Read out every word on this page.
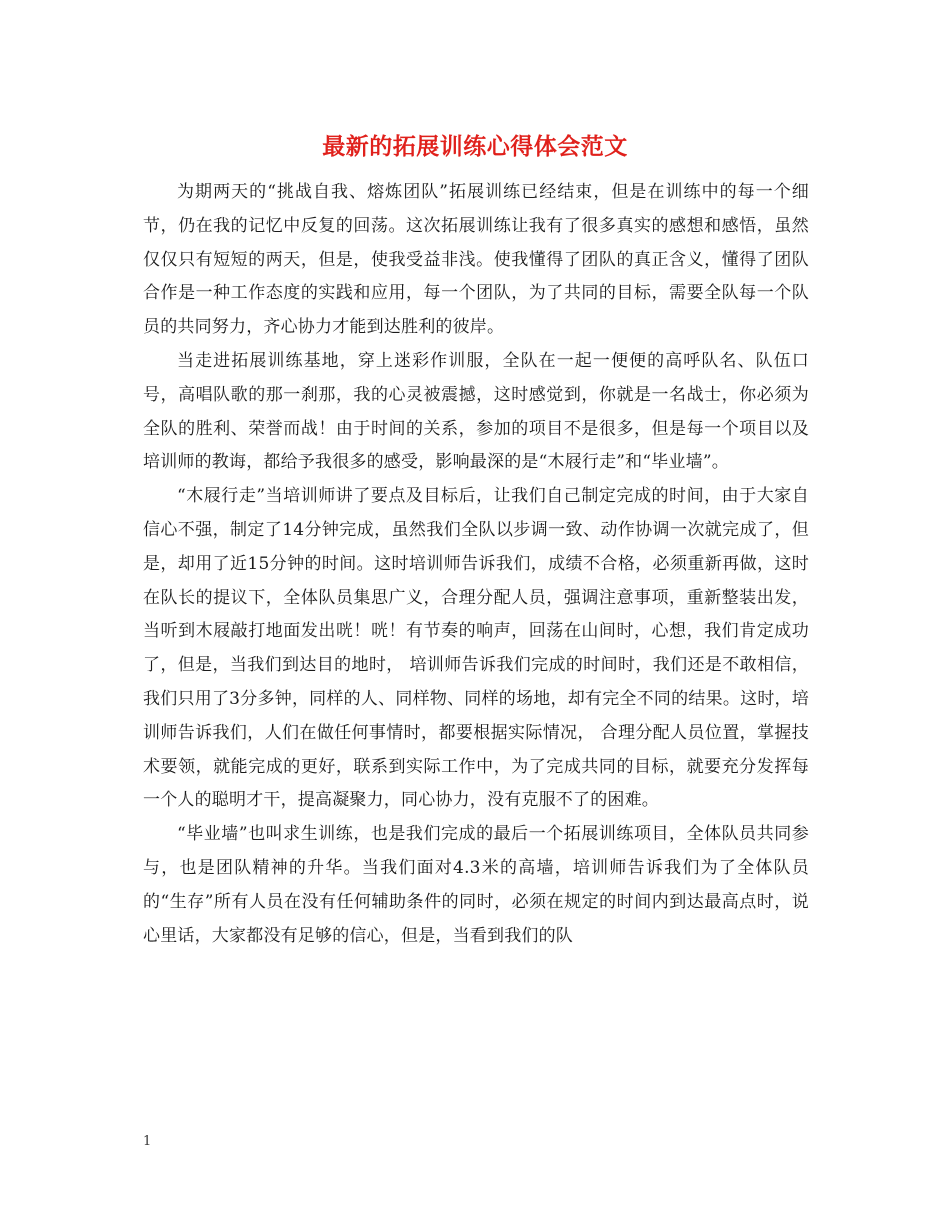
最新的拓展训练心得体会范文

为期两天的“挑战自我、熔炼团队”拓展训练已经结束，但是在训练中的每一个细节，仍在我的记忆中反复的回荡。这次拓展训练让我有了很多真实的感想和感悟，虽然仅仅只有短短的两天，但是，使我受益非浅。使我懂得了团队的真正含义，懂得了团队合作是一种工作态度的实践和应用，每一个团队，为了共同的目标，需要全队每一个队员的共同努力，齐心协力才能到达胜利的彼岸。

当走进拓展训练基地，穿上迷彩作训服，全队在一起一便便的高呼队名、队伍口号，高唱队歌的那一刹那，我的心灵被震撼，这时感觉到，你就是一名战士，你必须为全队的胜利、荣誉而战！由于时间的关系，参加的项目不是很多，但是每一个项目以及培训师的教诲，都给予我很多的感受，影响最深的是“木屐行走”和“毕业墙”。

“木屐行走”当培训师讲了要点及目标后，让我们自己制定完成的时间，由于大家自信心不强，制定了14分钟完成，虽然我们全队以步调一致、动作协调一次就完成了，但是，却用了近15分钟的时间。这时培训师告诉我们，成绩不合格，必须重新再做，这时在队长的提议下，全体队员集思广义，合理分配人员，强调注意事项，重新整装出发，当听到木屐敲打地面发出咣！咣！有节奏的响声，回荡在山间时，心想，我们肯定成功了，但是，当我们到达目的地时， 培训师告诉我们完成的时间时，我们还是不敢相信，我们只用了3分多钟，同样的人、同样物、同样的场地，却有完全不同的结果。这时，培训师告诉我们，人们在做任何事情时，都要根据实际情况， 合理分配人员位置，掌握技术要领，就能完成的更好，联系到实际工作中，为了完成共同的目标，就要充分发挥每一个人的聪明才干，提高凝聚力，同心协力，没有克服不了的困难。

“毕业墙”也叫求生训练，也是我们完成的最后一个拓展训练项目，全体队员共同参与，也是团队精神的升华。当我们面对4.3米的高墙，培训师告诉我们为了全体队员的“生存”所有人员在没有任何辅助条件的同时，必须在规定的时间内到达最高点时，说心里话，大家都没有足够的信心，但是，当看到我们的队

1
